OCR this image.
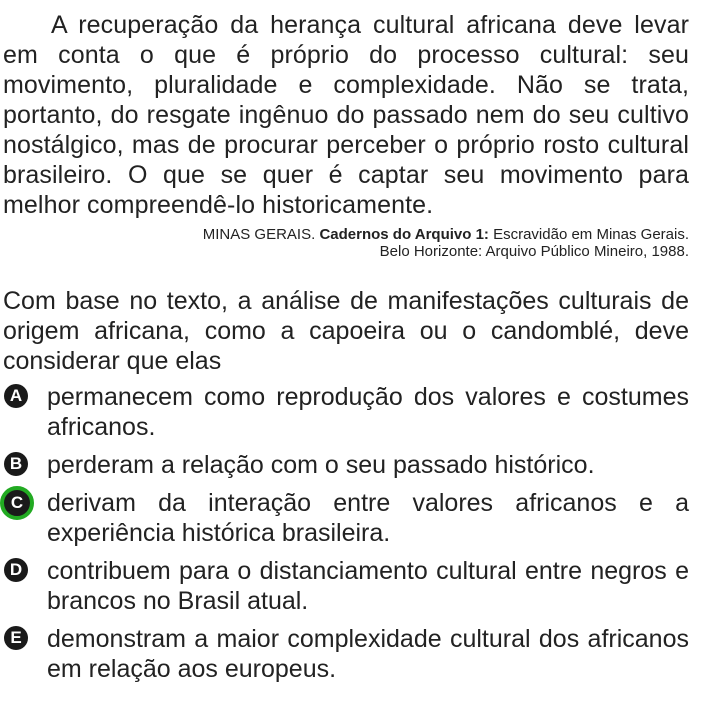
A recuperação da herança cultural africana deve levar em conta o que é próprio do processo cultural: seu movimento, pluralidade e complexidade. Não se trata, portanto, do resgate ingênuo do passado nem do seu cultivo nostálgico, mas de procurar perceber o próprio rosto cultural brasileiro. O que se quer é captar seu movimento para melhor compreendê-lo historicamente.

MINAS GERAIS. Cadernos do Arquivo 1: Escravidão em Minas Gerais.
Belo Horizonte: Arquivo Público Mineiro, 1988.

Com base no texto, a análise de manifestações culturais de origem africana, como a capoeira ou o candomblé, deve considerar que elas

A permanecem como reprodução dos valores e costumes africanos.

B perderam a relação com o seu passado histórico.

C derivam da interação entre valores africanos e a experiência histórica brasileira.

D contribuem para o distanciamento cultural entre negros e brancos no Brasil atual.

E demonstram a maior complexidade cultural dos africanos em relação aos europeus.
